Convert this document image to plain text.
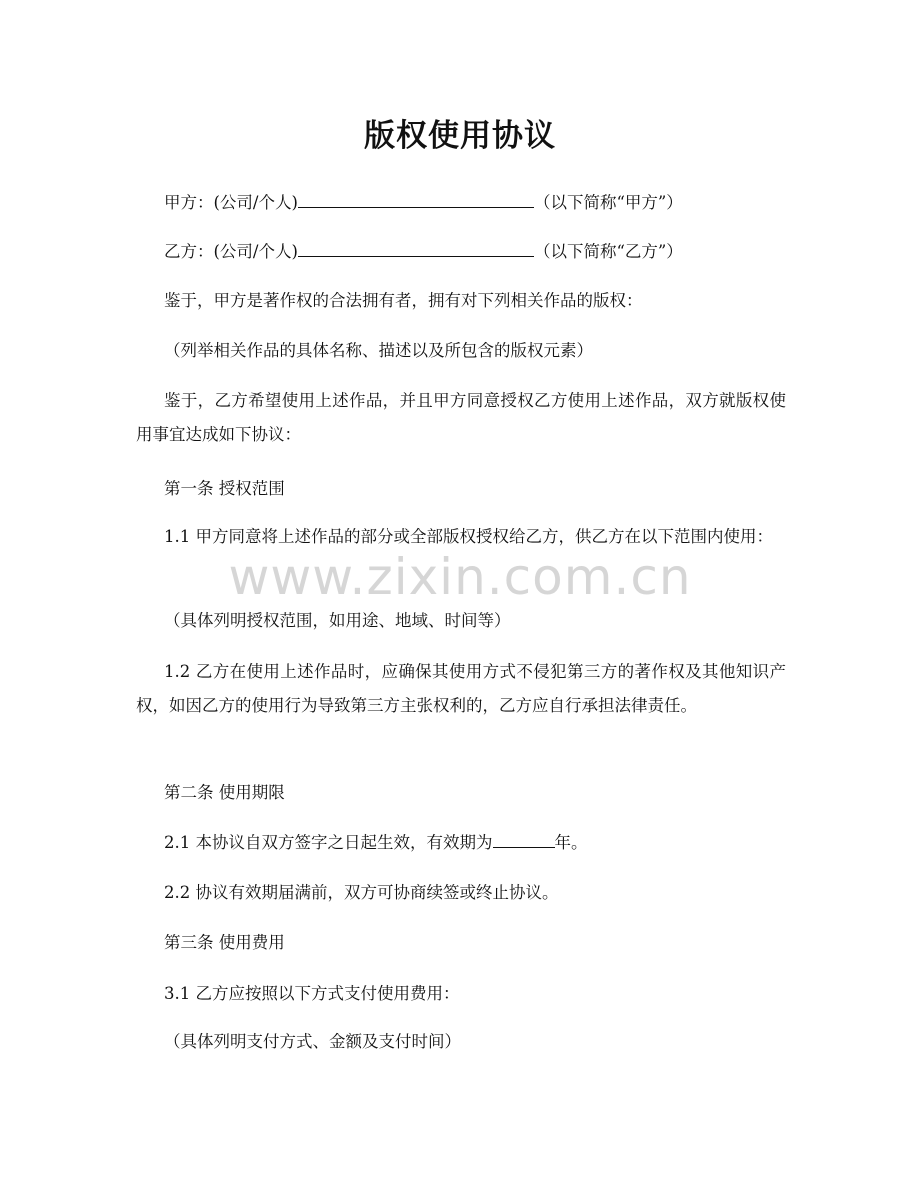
版权使用协议
甲方：(公司/个人)	（以下简称“甲方”）
乙方：(公司/个人)	（以下简称“乙方”）
鉴于，甲方是著作权的合法拥有者，拥有对下列相关作品的版权：
（列举相关作品的具体名称、描述以及所包含的版权元素）
鉴于，乙方希望使用上述作品，并且甲方同意授权乙方使用上述作品，双方就版权使用事宜达成如下协议：
第一条 授权范围
1.1 甲方同意将上述作品的部分或全部版权授权给乙方，供乙方在以下范围内使用：
（具体列明授权范围，如用途、地域、时间等）
1.2 乙方在使用上述作品时，应确保其使用方式不侵犯第三方的著作权及其他知识产权，如因乙方的使用行为导致第三方主张权利的，乙方应自行承担法律责任。
第二条 使用期限
2.1 本协议自双方签字之日起生效，有效期为	年。
2.2 协议有效期届满前，双方可协商续签或终止协议。
第三条 使用费用
3.1 乙方应按照以下方式支付使用费用：
（具体列明支付方式、金额及支付时间）
www.zixin.com.cn
